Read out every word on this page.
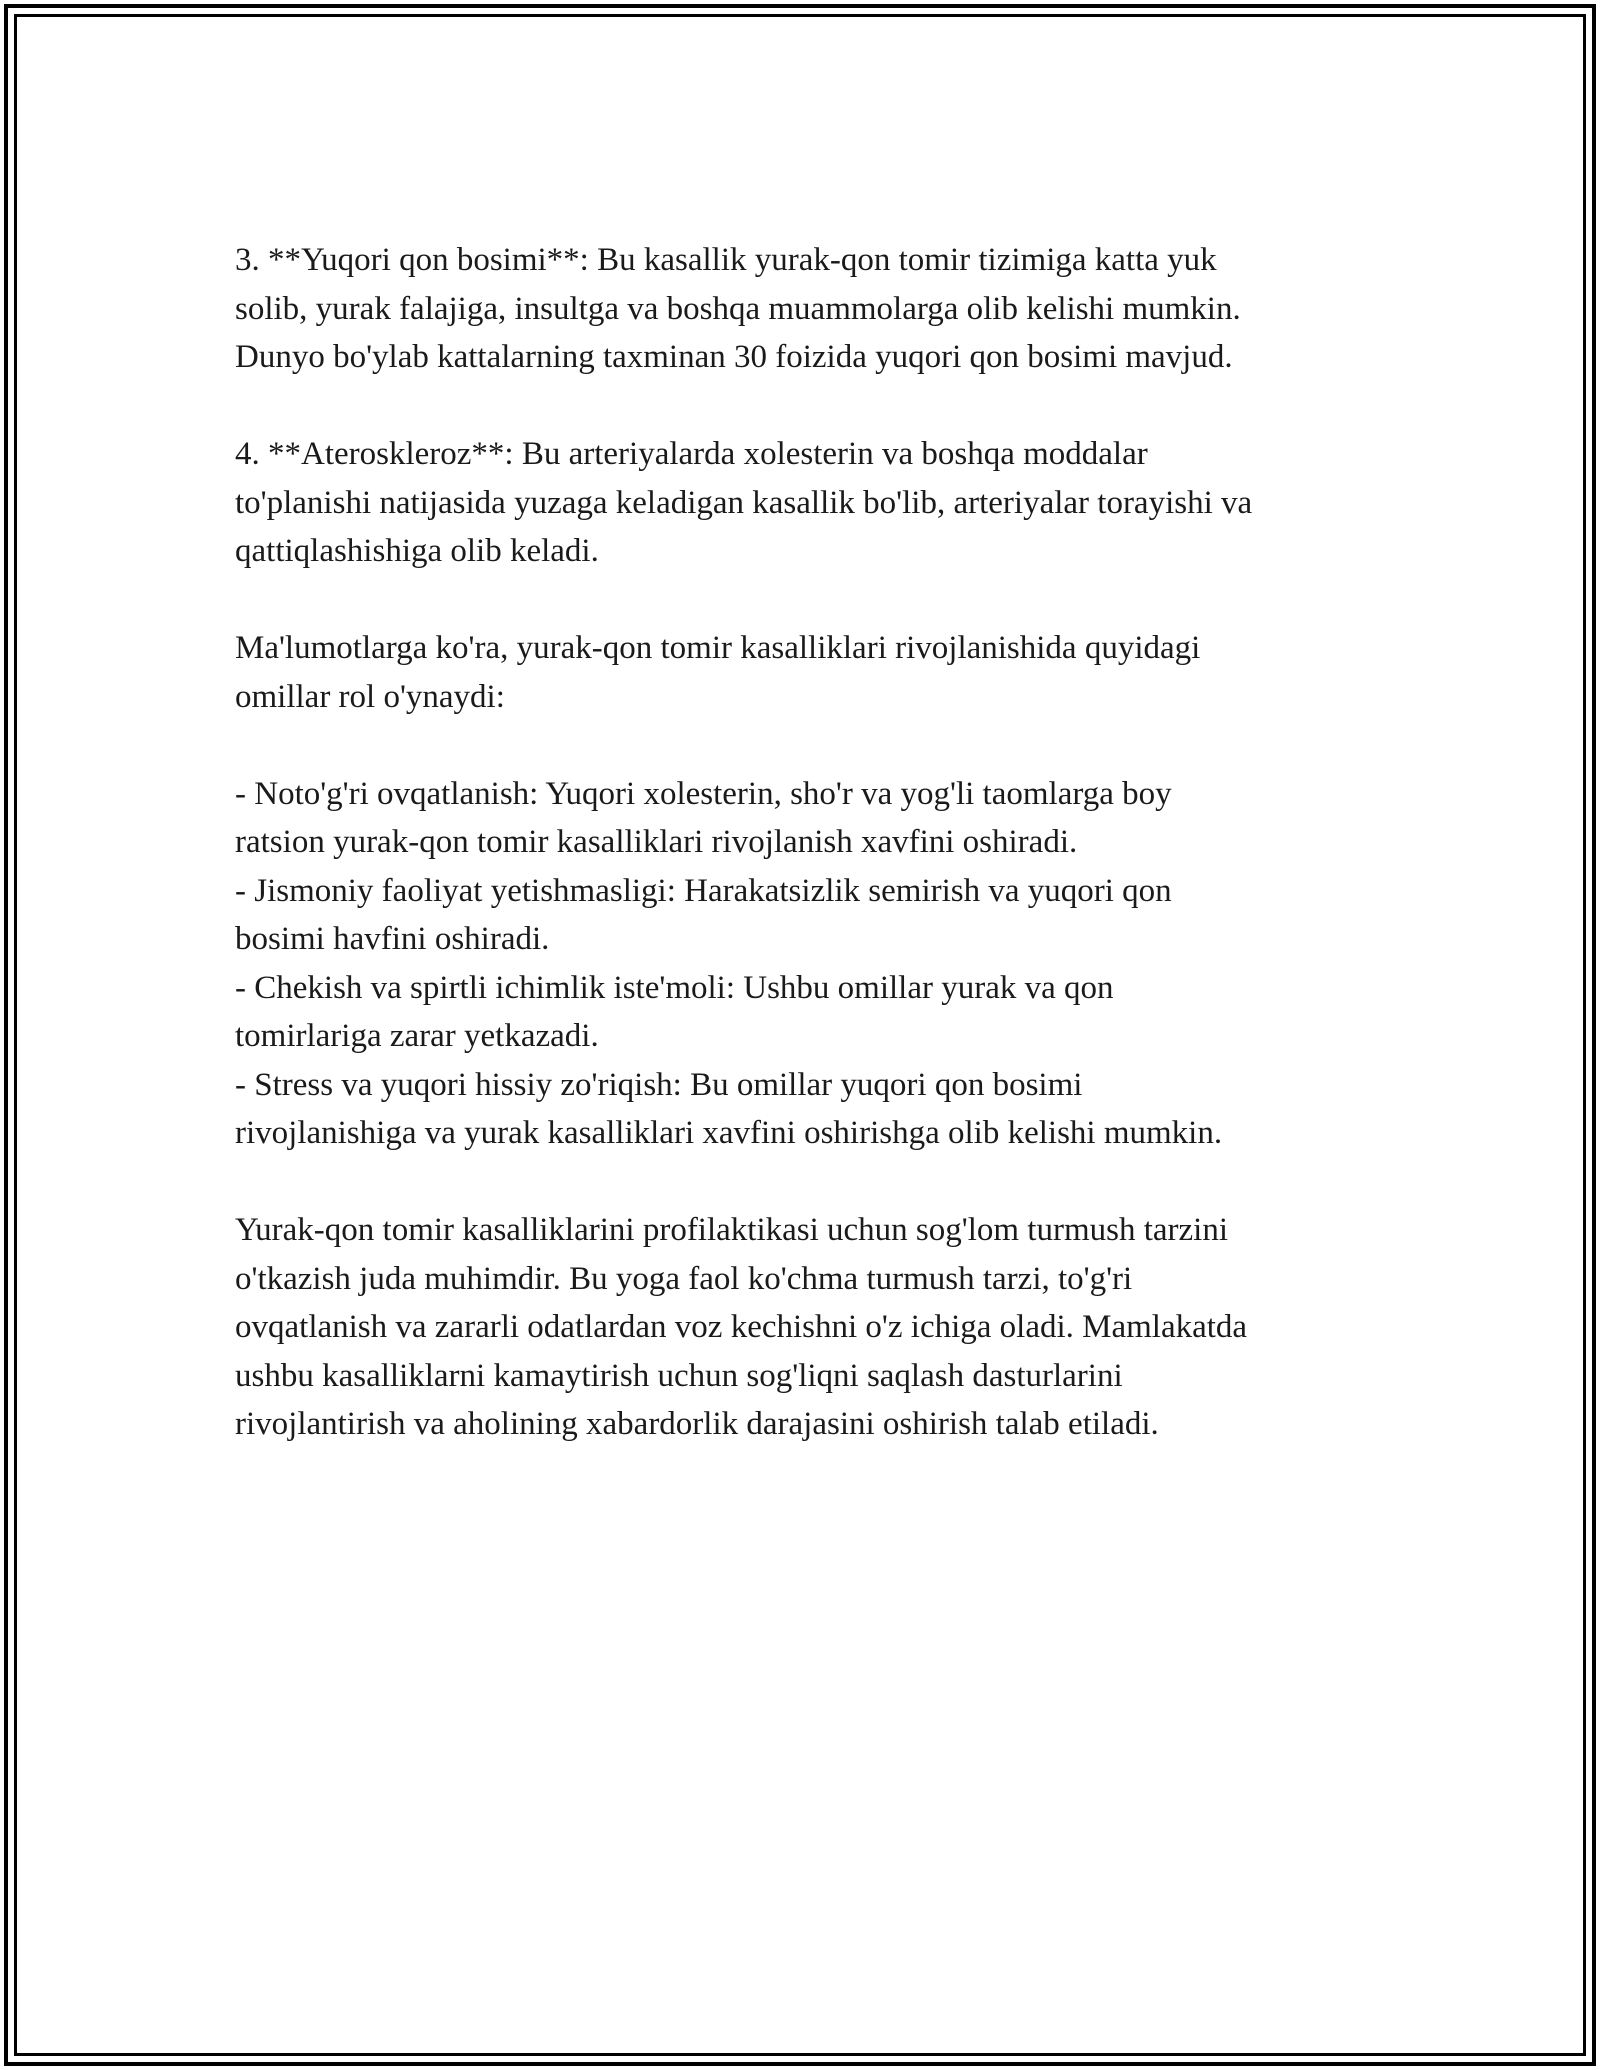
3. **Yuqori qon bosimi**: Bu kasallik yurak-qon tomir tizimiga katta yuk
solib, yurak falajiga, insultga va boshqa muammolarga olib kelishi mumkin.
Dunyo bo'ylab kattalarning taxminan 30 foizida yuqori qon bosimi mavjud.

4. **Ateroskleroz**: Bu arteriyalarda xolesterin va boshqa moddalar
to'planishi natijasida yuzaga keladigan kasallik bo'lib, arteriyalar torayishi va
qattiqlashishiga olib keladi.

Ma'lumotlarga ko'ra, yurak-qon tomir kasalliklari rivojlanishida quyidagi
omillar rol o'ynaydi:

- Noto'g'ri ovqatlanish: Yuqori xolesterin, sho'r va yog'li taomlarga boy
ratsion yurak-qon tomir kasalliklari rivojlanish xavfini oshiradi.
- Jismoniy faoliyat yetishmasligi: Harakatsizlik semirish va yuqori qon
bosimi havfini oshiradi.
- Chekish va spirtli ichimlik iste'moli: Ushbu omillar yurak va qon
tomirlariga zarar yetkazadi.
- Stress va yuqori hissiy zo'riqish: Bu omillar yuqori qon bosimi
rivojlanishiga va yurak kasalliklari xavfini oshirishga olib kelishi mumkin.

Yurak-qon tomir kasalliklarini profilaktikasi uchun sog'lom turmush tarzini
o'tkazish juda muhimdir. Bu yoga faol ko'chma turmush tarzi, to'g'ri
ovqatlanish va zararli odatlardan voz kechishni o'z ichiga oladi. Mamlakatda
ushbu kasalliklarni kamaytirish uchun sog'liqni saqlash dasturlarini
rivojlantirish va aholining xabardorlik darajasini oshirish talab etiladi.
